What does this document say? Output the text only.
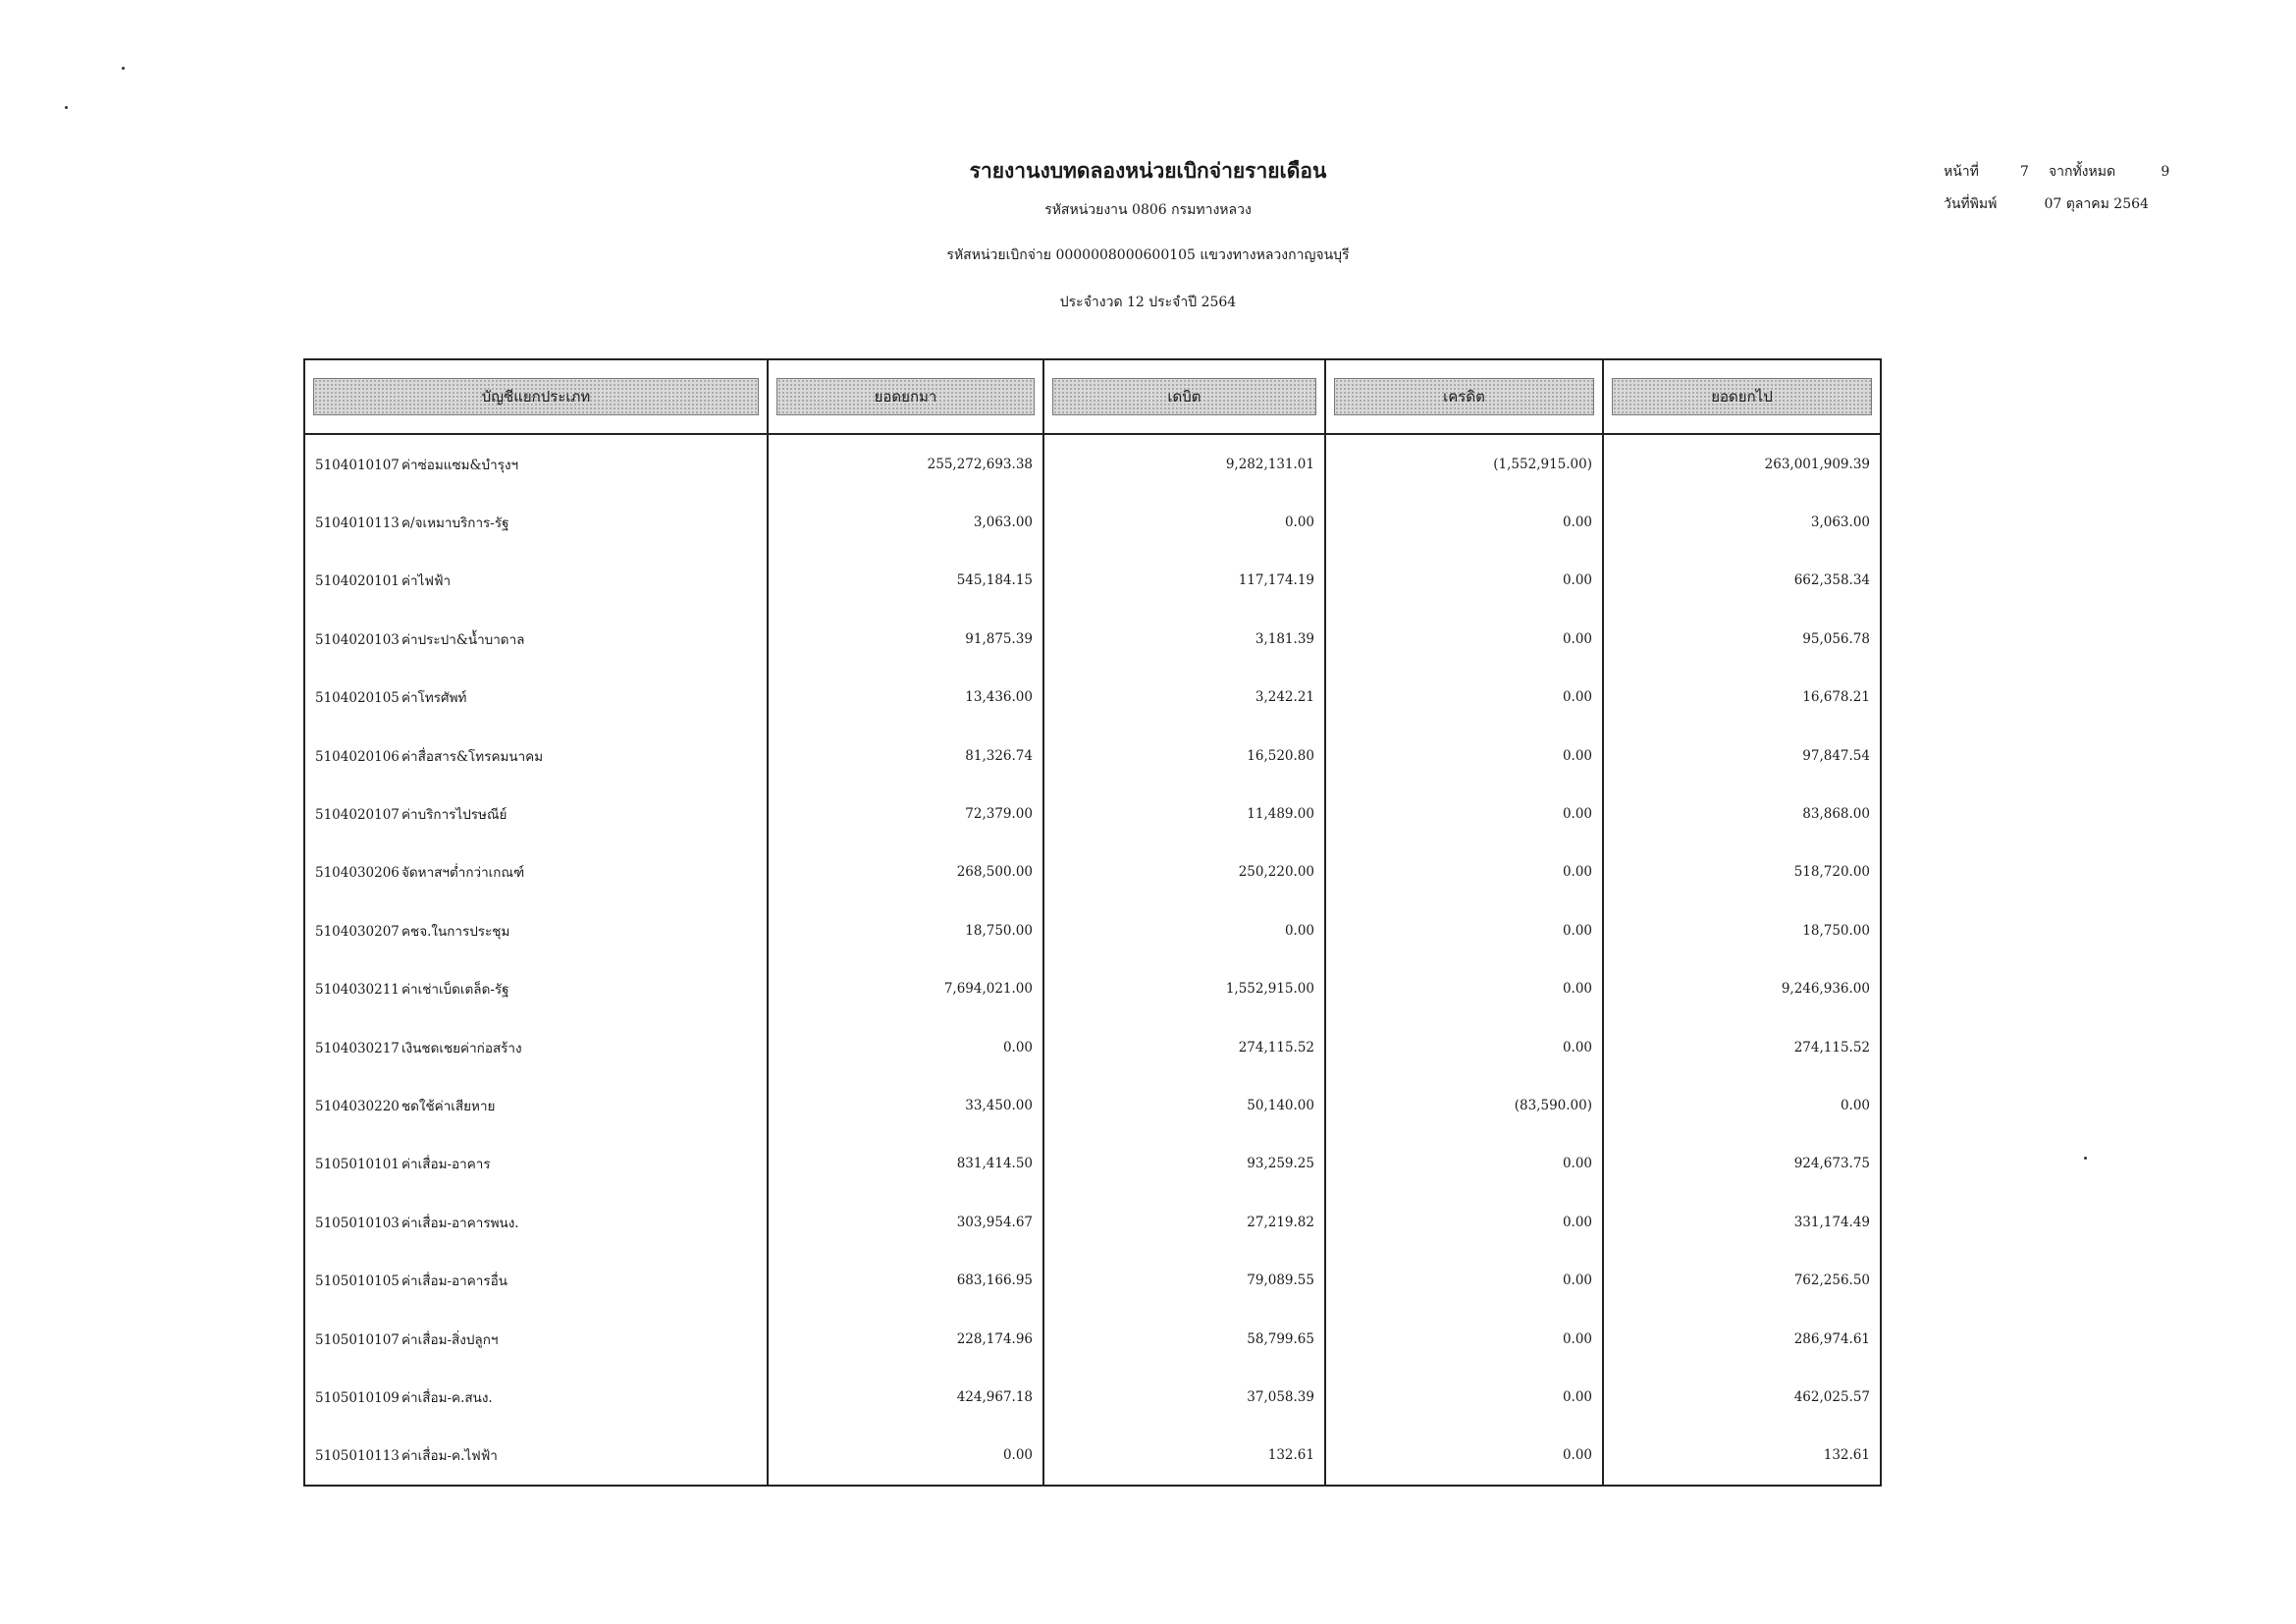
รายงานงบทดลองหน่วยเบิกจ่ายรายเดือน
รหัสหน่วยงาน 0806 กรมทางหลวง
รหัสหน่วยเบิกจ่าย 0000008000600105 แขวงทางหลวงกาญจนบุรี
ประจำงวด 12 ประจำปี 2564
หน้าที่	7 จากทั้งหมด	9
วันที่พิมพ์	07 ตุลาคม 2564
บัญชีแยกประเภท	ยอดยกมา	เดบิต	เครดิต	ยอดยกไป

5104010107 ค่าซ่อมแซม&บำรุงฯ	255,272,693.38	9,282,131.01	(1,552,915.00)	263,001,909.39
5104010113 ค/จเหมาบริการ-รัฐ	3,063.00	0.00	0.00	3,063.00
5104020101 ค่าไฟฟ้า	545,184.15	117,174.19	0.00	662,358.34
5104020103 ค่าประปา&น้ำบาดาล	91,875.39	3,181.39	0.00	95,056.78
5104020105 ค่าโทรศัพท์	13,436.00	3,242.21	0.00	16,678.21
5104020106 ค่าสื่อสาร&โทรคมนาคม	81,326.74	16,520.80	0.00	97,847.54
5104020107 ค่าบริการไปรษณีย์	72,379.00	11,489.00	0.00	83,868.00
5104030206 จัดหาสฯต่ำกว่าเกณฑ์	268,500.00	250,220.00	0.00	518,720.00
5104030207 คชจ.ในการประชุม	18,750.00	0.00	0.00	18,750.00
5104030211 ค่าเช่าเบ็ดเตล็ด-รัฐ	7,694,021.00	1,552,915.00	0.00	9,246,936.00
5104030217 เงินชดเชยค่าก่อสร้าง	0.00	274,115.52	0.00	274,115.52
5104030220 ชดใช้ค่าเสียหาย	33,450.00	50,140.00	(83,590.00)	0.00
5105010101 ค่าเสื่อม-อาคาร	831,414.50	93,259.25	0.00	924,673.75
5105010103 ค่าเสื่อม-อาคารพนง.	303,954.67	27,219.82	0.00	331,174.49
5105010105 ค่าเสื่อม-อาคารอื่น	683,166.95	79,089.55	0.00	762,256.50
5105010107 ค่าเสื่อม-สิ่งปลูกฯ	228,174.96	58,799.65	0.00	286,974.61
5105010109 ค่าเสื่อม-ค.สนง.	424,967.18	37,058.39	0.00	462,025.57
5105010113 ค่าเสื่อม-ค.ไฟฟ้า	0.00	132.61	0.00	132.61
